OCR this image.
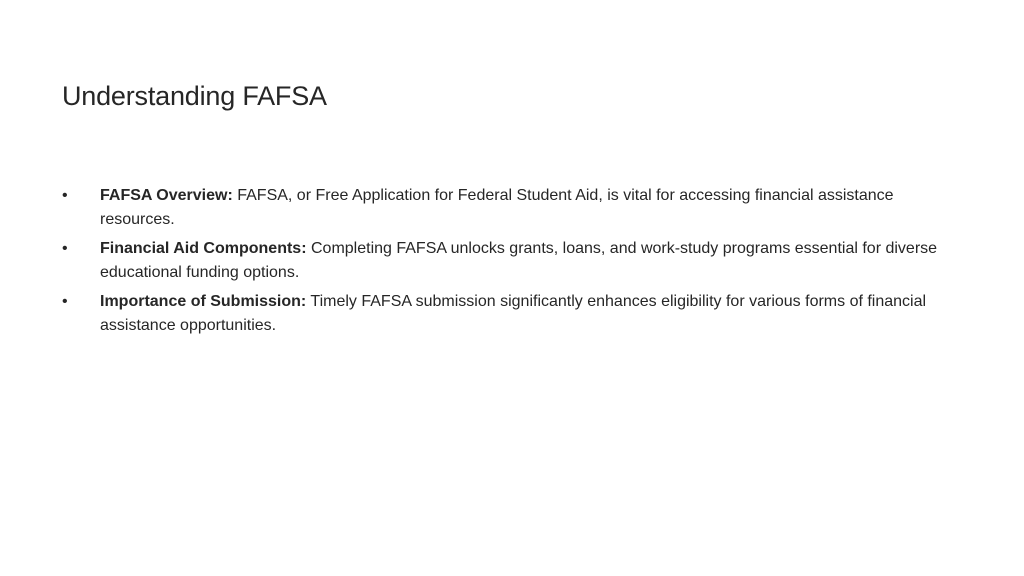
Understanding FAFSA
• FAFSA Overview: FAFSA, or Free Application for Federal Student Aid, is vital for accessing financial assistance resources.
• Financial Aid Components: Completing FAFSA unlocks grants, loans, and work-study programs essential for diverse educational funding options.
• Importance of Submission: Timely FAFSA submission significantly enhances eligibility for various forms of financial assistance opportunities.
